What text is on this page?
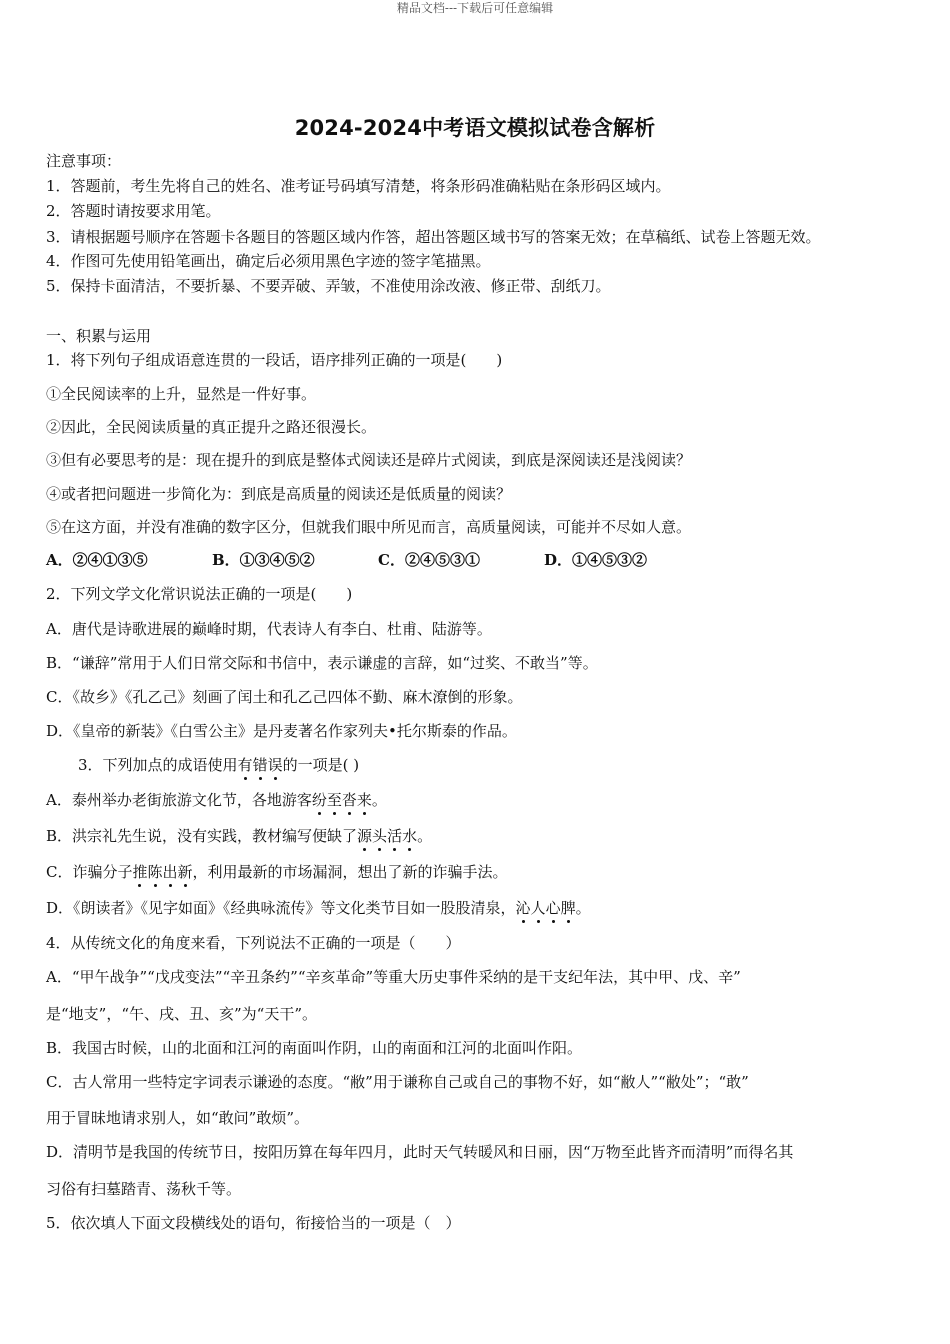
精品文档---下载后可任意编辑
2024-2024中考语文模拟试卷含解析
注意事项：
1．答题前，考生先将自己的姓名、准考证号码填写清楚，将条形码准确粘贴在条形码区域内。
2．答题时请按要求用笔。
3．请根据题号顺序在答题卡各题目的答题区域内作答，超出答题区域书写的答案无效；在草稿纸、试卷上答题无效。
4．作图可先使用铅笔画出，确定后必须用黑色字迹的签字笔描黑。
5．保持卡面清洁，不要折暴、不要弄破、弄皱，不准使用涂改液、修正带、刮纸刀。
一、积累与运用
1．将下列句子组成语意连贯的一段话，语序排列正确的一项是(　　)
①全民阅读率的上升，显然是一件好事。
②因此，全民阅读质量的真正提升之路还很漫长。
③但有必要思考的是：现在提升的到底是整体式阅读还是碎片式阅读，到底是深阅读还是浅阅读？
④或者把问题进一步简化为：到底是高质量的阅读还是低质量的阅读？
⑤在这方面，并没有准确的数字区分，但就我们眼中所见而言，高质量阅读，可能并不尽如人意。
A．②④①③⑤	B．①③④⑤②	C．②④⑤③①	D．①④⑤③②
2．下列文学文化常识说法正确的一项是(　　)
A．唐代是诗歌进展的巅峰时期，代表诗人有李白、杜甫、陆游等。
B．“谦辞”常用于人们日常交际和书信中，表示谦虚的言辞，如“过奖、不敢当”等。
C．《故乡》《孔乙己》刻画了闰土和孔乙己四体不勤、麻木潦倒的形象。
D．《皇帝的新装》《白雪公主》是丹麦著名作家列夫•托尔斯泰的作品。
3．下列加点的成语使用有错误的一项是( )
A．泰州举办老街旅游文化节，各地游客纷至沓来。
B．洪宗礼先生说，没有实践，教材编写便缺了源头活水。
C．诈骗分子推陈出新，利用最新的市场漏洞，想出了新的诈骗手法。
D．《朗读者》《见字如面》《经典咏流传》等文化类节目如一股股清泉，沁人心脾。
4．从传统文化的角度来看，下列说法不正确的一项是（　　）
A．“甲午战争”“戊戌变法”“辛丑条约”“辛亥革命”等重大历史事件采纳的是干支纪年法，其中甲、戊、辛”
是“地支”，“午、戌、丑、亥”为“天干”。
B．我国古时候，山的北面和江河的南面叫作阴，山的南面和江河的北面叫作阳。
C．古人常用一些特定字词表示谦逊的态度。“敝”用于谦称自己或自己的事物不好，如“敝人”“敝处”；“敢”
用于冒昧地请求别人，如“敢问”敢烦”。
D．清明节是我国的传统节日，按阳历算在每年四月，此时天气转暖风和日丽，因“万物至此皆齐而清明”而得名其
习俗有扫墓踏青、荡秋千等。
5．依次填人下面文段横线处的语句，衔接恰当的一项是（　）
